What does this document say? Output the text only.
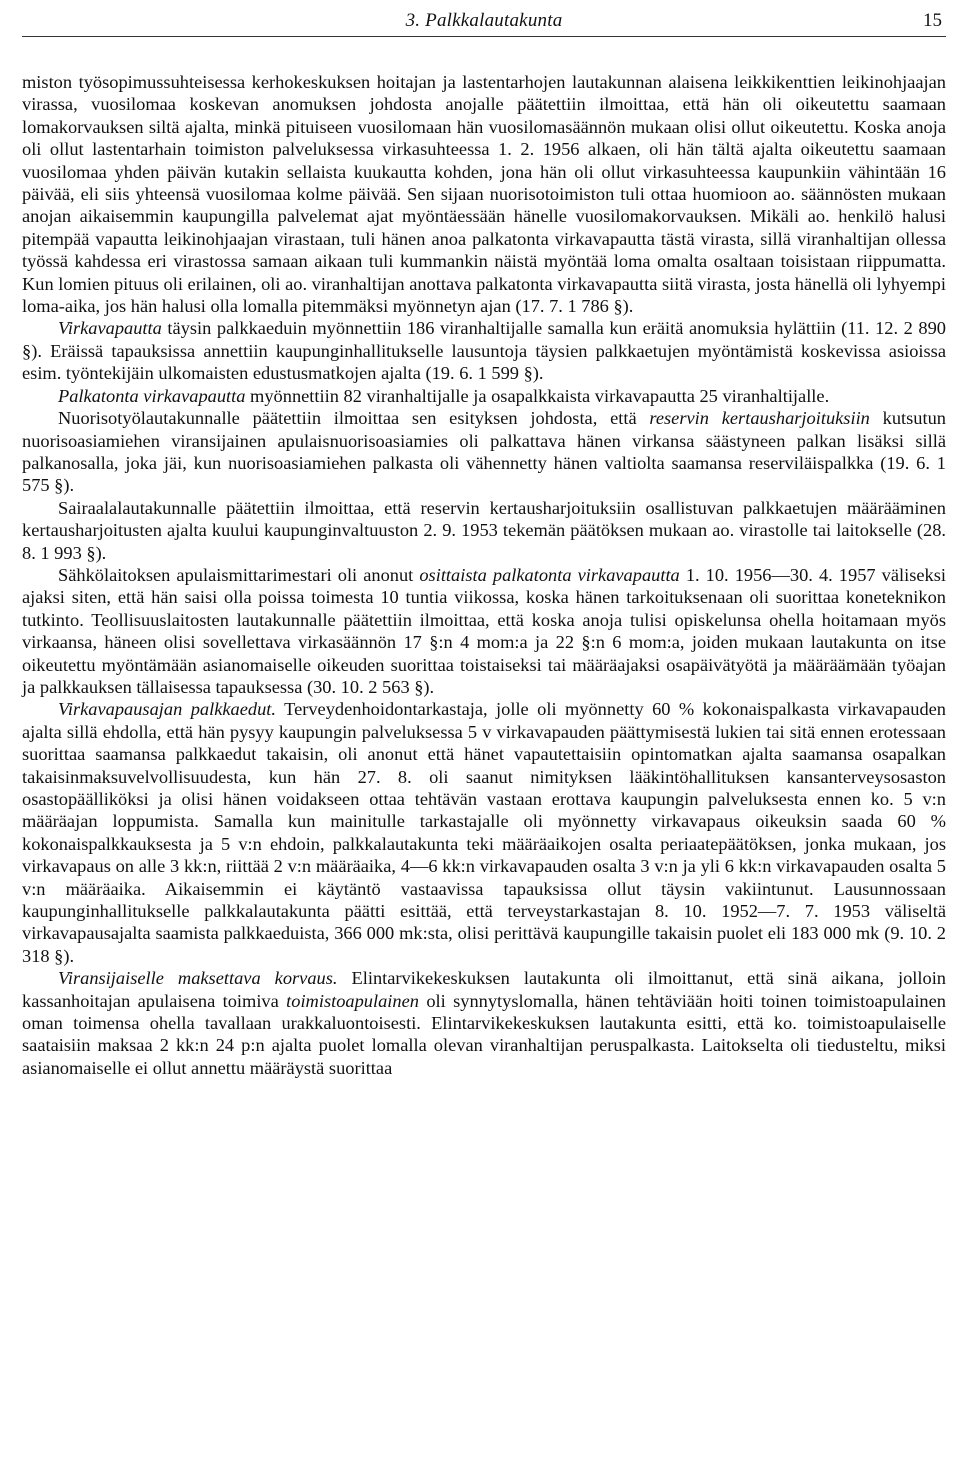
3. Palkkalautakunta	15

miston työsopimussuhteisessa kerhokeskuksen hoitajan ja lastentarhojen lautakunnan alaisena leikkikenttien leikinohjaajan virassa, vuosilomaa koskevan anomuksen johdosta anojalle päätettiin ilmoittaa, että hän oli oikeutettu saamaan lomakorvauksen siltä ajalta, minkä pituiseen vuosilomaan hän vuosilomasäännön mukaan olisi ollut oikeutettu. Koska anoja oli ollut lastentarhain toimiston palveluksessa virkasuhteessa 1. 2. 1956 alkaen, oli hän tältä ajalta oikeutettu saamaan vuosilomaa yhden päivän kutakin sellaista kuukautta kohden, jona hän oli ollut virkasuhteessa kaupunkiin vähintään 16 päivää, eli siis yhteensä vuosilomaa kolme päivää. Sen sijaan nuorisotoimiston tuli ottaa huomioon ao. säännösten mukaan anojan aikaisemmin kaupungilla palvelemat ajat myöntäessään hänelle vuosilomakorvauksen. Mikäli ao. henkilö halusi pitempää vapautta leikinohjaajan virastaan, tuli hänen anoa palkatonta virkavapautta tästä virasta, sillä viranhaltijan ollessa työssä kahdessa eri virastossa samaan aikaan tuli kummankin näistä myöntää loma omalta osaltaan toisistaan riippumatta. Kun lomien pituus oli erilainen, oli ao. viranhaltijan anottava palkatonta virkavapautta siitä virasta, josta hänellä oli lyhyempi loma-aika, jos hän halusi olla lomalla pitemmäksi myönnetyn ajan (17. 7. 1 786 §).

Virkavapautta täysin palkkaeduin myönnettiin 186 viranhaltijalle samalla kun eräitä anomuksia hylättiin (11. 12. 2 890 §). Eräissä tapauksissa annettiin kaupunginhallitukselle lausuntoja täysien palkkaetujen myöntämistä koskevissa asioissa esim. työntekijäin ulkomaisten edustusmatkojen ajalta (19. 6. 1 599 §).

Palkatonta virkavapautta myönnettiin 82 viranhaltijalle ja osapalkkaista virkavapautta 25 viranhaltijalle.

Nuorisotyölautakunnalle päätettiin ilmoittaa sen esityksen johdosta, että reservin kertausharjoituksiin kutsutun nuorisoasiamiehen viransijainen apulaisnuorisoasiamies oli palkattava hänen virkansa säästyneen palkan lisäksi sillä palkanosalla, joka jäi, kun nuorisoasiamiehen palkasta oli vähennetty hänen valtiolta saamansa reserviläispalkka (19. 6. 1 575 §).

Sairaalalautakunnalle päätettiin ilmoittaa, että reservin kertausharjoituksiin osallistuvan palkkaetujen määrääminen kertausharjoitusten ajalta kuului kaupunginvaltuuston 2. 9. 1953 tekemän päätöksen mukaan ao. virastolle tai laitokselle (28. 8. 1 993 §).

Sähkölaitoksen apulaismittarimestari oli anonut osittaista palkatonta virkavapautta 1. 10. 1956—30. 4. 1957 väliseksi ajaksi siten, että hän saisi olla poissa toimesta 10 tuntia viikossa, koska hänen tarkoituksenaan oli suorittaa koneteknikon tutkinto. Teollisuuslaitosten lautakunnalle päätettiin ilmoittaa, että koska anoja tulisi opiskelunsa ohella hoitamaan myös virkaansa, häneen olisi sovellettava virkasäännön 17 §:n 4 mom:a ja 22 §:n 6 mom:a, joiden mukaan lautakunta on itse oikeutettu myöntämään asianomaiselle oikeuden suorittaa toistaiseksi tai määräajaksi osapäivätyötä ja määräämään työajan ja palkkauksen tällaisessa tapauksessa (30. 10. 2 563 §).

Virkavapausajan palkkaedut. Terveydenhoidontarkastaja, jolle oli myönnetty 60 % kokonaispalkasta virkavapauden ajalta sillä ehdolla, että hän pysyy kaupungin palveluksessa 5 v virkavapauden päättymisestä lukien tai sitä ennen erotessaan suorittaa saamansa palkkaedut takaisin, oli anonut että hänet vapautettaisiin opintomatkan ajalta saamansa osapalkan takaisinmaksuvelvollisuudesta, kun hän 27. 8. oli saanut nimityksen lääkintöhallituksen kansanterveysosaston osastopäälliköksi ja olisi hänen voidakseen ottaa tehtävän vastaan erottava kaupungin palveluksesta ennen ko. 5 v:n määräajan loppumista. Samalla kun mainitulle tarkastajalle oli myönnetty virkavapaus oikeuksin saada 60 % kokonaispalkkauksesta ja 5 v:n ehdoin, palkkalautakunta teki määräaikojen osalta periaatepäätöksen, jonka mukaan, jos virkavapaus on alle 3 kk:n, riittää 2 v:n määräaika, 4—6 kk:n virkavapauden osalta 3 v:n ja yli 6 kk:n virkavapauden osalta 5 v:n määräaika. Aikaisemmin ei käytäntö vastaavissa tapauksissa ollut täysin vakiintunut. Lausunnossaan kaupunginhallitukselle palkkalautakunta päätti esittää, että terveystarkastajan 8. 10. 1952—7. 7. 1953 väliseltä virkavapausajalta saamista palkkaeduista, 366 000 mk:sta, olisi perittävä kaupungille takaisin puolet eli 183 000 mk (9. 10. 2 318 §).

Viransijaiselle maksettava korvaus. Elintarvikekeskuksen lautakunta oli ilmoittanut, että sinä aikana, jolloin kassanhoitajan apulaisena toimiva toimistoapulainen oli synnytyslomalla, hänen tehtäviään hoiti toinen toimistoapulainen oman toimensa ohella tavallaan urakkaluontoisesti. Elintarvikekeskuksen lautakunta esitti, että ko. toimistoapulaiselle saataisiin maksaa 2 kk:n 24 p:n ajalta puolet lomalla olevan viranhaltijan peruspalkasta. Laitokselta oli tiedusteltu, miksi asianomaiselle ei ollut annettu määräystä suorittaa
